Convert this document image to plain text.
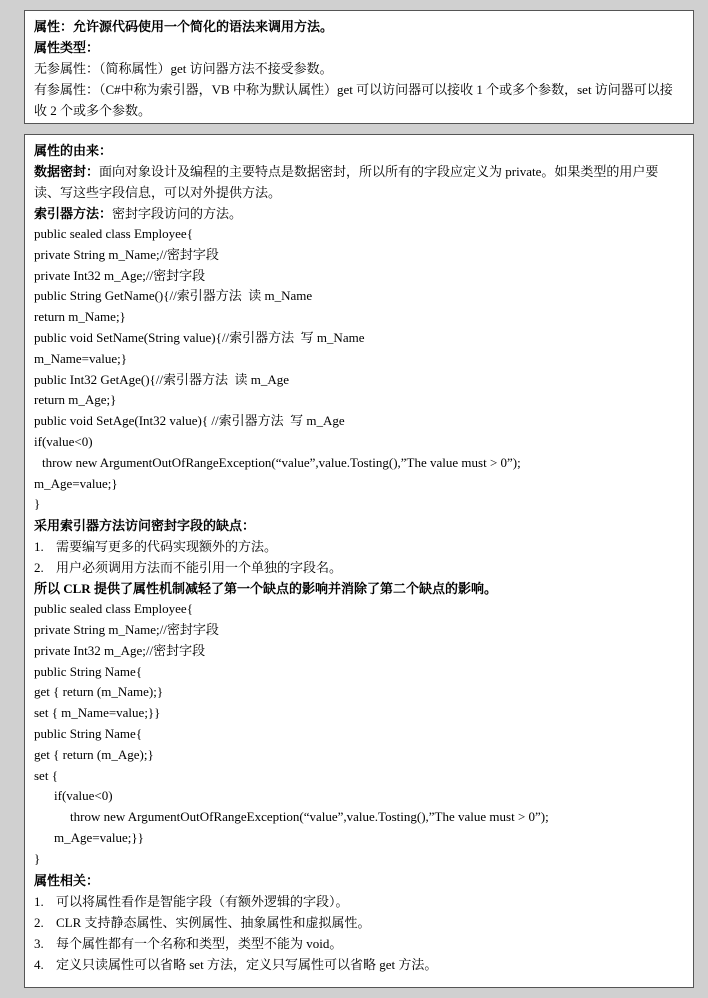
属性：允许源代码使用一个简化的语法来调用方法。
属性类型：
无参属性：（简称属性）get 访问器方法不接受参数。
有参属性：（C#中称为索引器，VB 中称为默认属性）get 可以访问器可以接收 1 个或多个参数，set 访问器可以接收 2 个或多个参数。
属性的由来：
数据密封：面向对象设计及编程的主要特点是数据密封，所以所有的字段应定义为 private。如果类型的用户要读、写这些字段信息，可以对外提供方法。
索引器方法：密封字段访问的方法。
public sealed class Employee{
private String m_Name;//密封字段
private Int32 m_Age;//密封字段
public String GetName(){//索引器方法  读 m_Name
return m_Name;}
public void SetName(String value){//索引器方法  写 m_Name
m_Name=value;}
public Int32 GetAge(){//索引器方法  读 m_Age
return m_Age;}
public void SetAge(Int32 value){ //索引器方法  写 m_Age
if(value<0)
throw new ArgumentOutOfRangeException(“value”,value.Tosting(),”The value must > 0”);
m_Age=value;}
}
采用索引器方法访问密封字段的缺点：
1. 需要编写更多的代码实现额外的方法。
2. 用户必须调用方法而不能引用一个单独的字段名。
所以 CLR 提供了属性机制减轻了第一个缺点的影响并消除了第二个缺点的影响。
public sealed class Employee{
private String m_Name;//密封字段
private Int32 m_Age;//密封字段
public String Name{
get { return (m_Name);}
set { m_Name=value;}}
public String Name{
get { return (m_Age);}
set {
if(value<0)
throw new ArgumentOutOfRangeException(“value”,value.Tosting(),”The value must > 0”);
m_Age=value;}}
}
属性相关：
1. 可以将属性看作是智能字段（有额外逻辑的字段）。
2. CLR 支持静态属性、实例属性、抽象属性和虚拟属性。
3. 每个属性都有一个名称和类型，类型不能为 void。
4. 定义只读属性可以省略 set 方法，定义只写属性可以省略 get 方法。
